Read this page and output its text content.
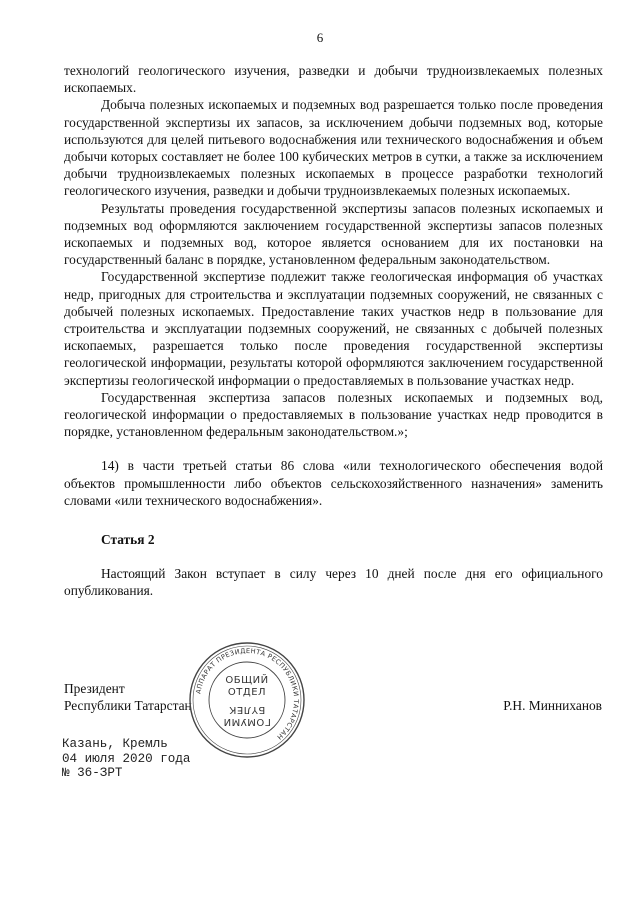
6

технологий геологического изучения, разведки и добычи трудноизвлекаемых полезных ископаемых.

Добыча полезных ископаемых и подземных вод разрешается только после проведения государственной экспертизы их запасов, за исключением добычи подземных вод, которые используются для целей питьевого водоснабжения или технического водоснабжения и объем добычи которых составляет не более 100 кубических метров в сутки, а также за исключением добычи трудноизвлекаемых полезных ископаемых в процессе разработки технологий геологического изучения, разведки и добычи трудноизвлекаемых полезных ископаемых.

Результаты проведения государственной экспертизы запасов полезных ископаемых и подземных вод оформляются заключением государственной экспертизы запасов полезных ископаемых и подземных вод, которое является основанием для их постановки на государственный баланс в порядке, установленном федеральным законодательством.

Государственной экспертизе подлежит также геологическая информация об участках недр, пригодных для строительства и эксплуатации подземных сооружений, не связанных с добычей полезных ископаемых. Предоставление таких участков недр в пользование для строительства и эксплуатации подземных сооружений, не связанных с добычей полезных ископаемых, разрешается только после проведения государственной экспертизы геологической информации, результаты которой оформляются заключением государственной экспертизы геологической информации о предоставляемых в пользование участках недр.

Государственная экспертиза запасов полезных ископаемых и подземных вод, геологической информации о предоставляемых в пользование участках недр проводится в порядке, установленном федеральным законодательством.»;

14) в части третьей статьи 86 слова «или технологического обеспечения водой объектов промышленности либо объектов сельскохозяйственного назначения» заменить словами «или технического водоснабжения».

Статья 2

Настоящий Закон вступает в силу через 10 дней после дня его официального опубликования.

Президент
Республики Татарстан	Р.Н. Минниханов
Казань, Кремль
04 июля 2020 года
№ 36-ЗРТ
АППАРАТ ПРЕЗИДЕНТА РЕСПУБЛИКИ ТАТАРСТАН
ОБЩИЙ
ОТДЕЛ
БҮЛЕК
ГОМУМИ
